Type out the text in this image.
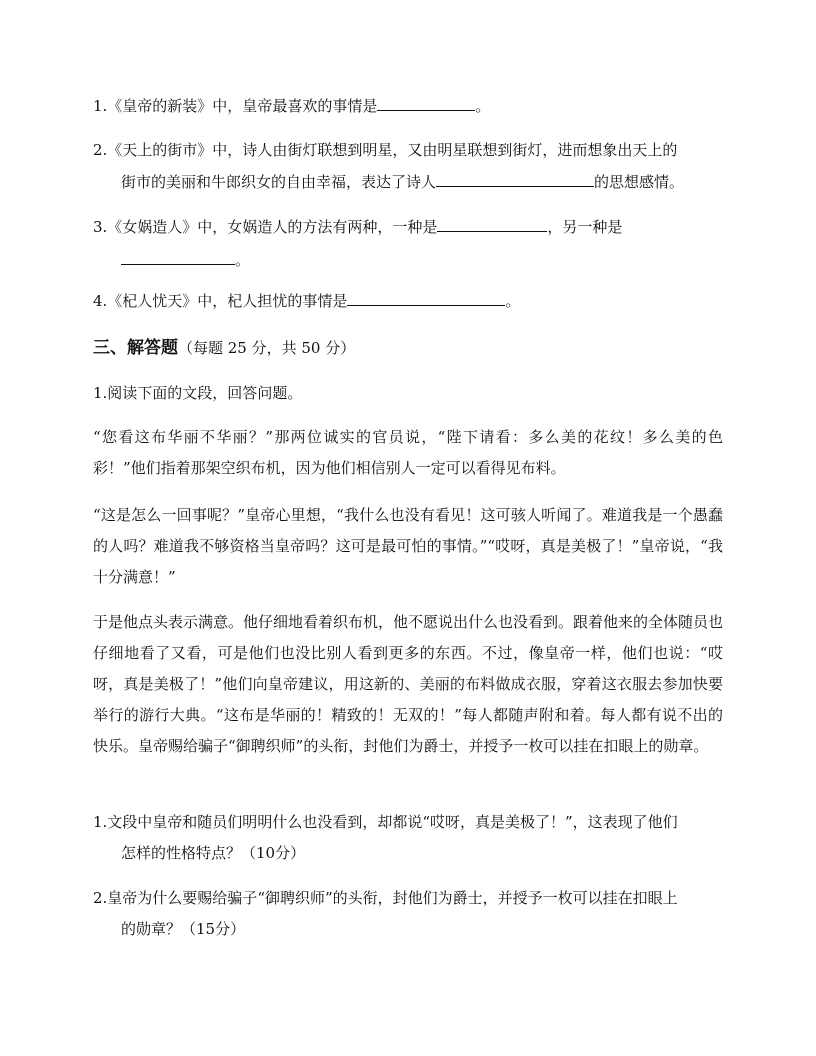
1.《皇帝的新装》中，皇帝最喜欢的事情是	。
2.《天上的街市》中，诗人由街灯联想到明星，又由明星联想到街灯，进而想象出天上的
街市的美丽和牛郎织女的自由幸福，表达了诗人	的思想感情。
3.《女娲造人》中，女娲造人的方法有两种，一种是	，另一种是
。
4.《杞人忧天》中，杞人担忧的事情是	。
三、解答题（每题 25 分，共 50 分）
1.阅读下面的文段，回答问题。
“您看这布华丽不华丽？”那两位诚实的官员说，“陛下请看：多么美的花纹！多么美的色彩！”他们指着那架空织布机，因为他们相信别人一定可以看得见布料。
“这是怎么一回事呢？”皇帝心里想，“我什么也没有看见！这可骇人听闻了。难道我是一个愚蠢的人吗？难道我不够资格当皇帝吗？这可是最可怕的事情。”“哎呀，真是美极了！”皇帝说，“我十分满意！”
于是他点头表示满意。他仔细地看着织布机，他不愿说出什么也没看到。跟着他来的全体随员也仔细地看了又看，可是他们也没比别人看到更多的东西。不过，像皇帝一样，他们也说：“哎呀，真是美极了！”他们向皇帝建议，用这新的、美丽的布料做成衣服，穿着这衣服去参加快要举行的游行大典。“这布是华丽的！精致的！无双的！”每人都随声附和着。每人都有说不出的快乐。皇帝赐给骗子“御聘织师”的头衔，封他们为爵士，并授予一枚可以挂在扣眼上的勋章。
1.文段中皇帝和随员们明明什么也没看到，却都说“哎呀，真是美极了！”，这表现了他们
怎样的性格特点？（10分）
2.皇帝为什么要赐给骗子“御聘织师”的头衔，封他们为爵士，并授予一枚可以挂在扣眼上
的勋章？（15分）
